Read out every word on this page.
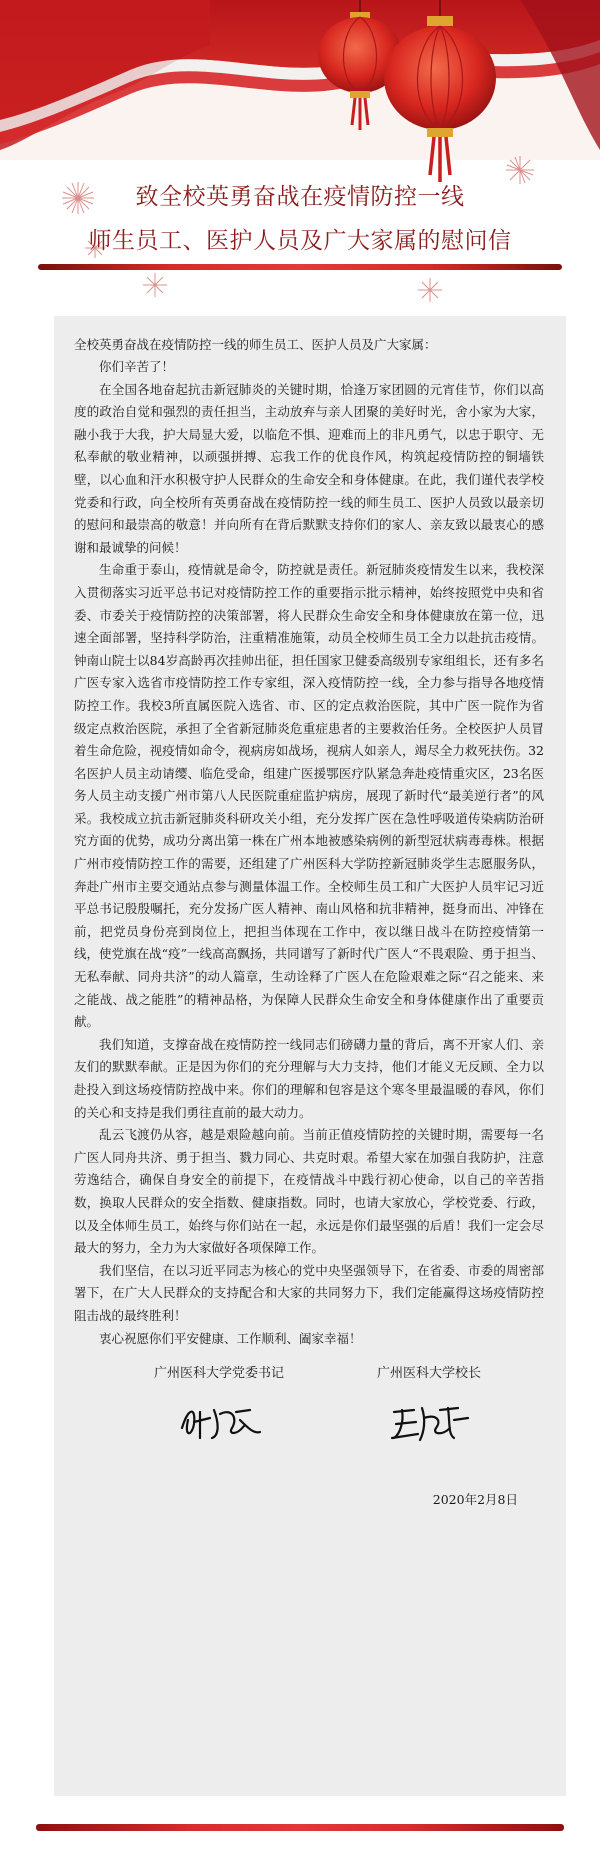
致全校英勇奋战在疫情防控一线
师生员工、医护人员及广大家属的慰问信

全校英勇奋战在疫情防控一线的师生员工、医护人员及广大家属：

你们辛苦了！

在全国各地奋起抗击新冠肺炎的关键时期，恰逢万家团圆的元宵佳节，你们以高度的政治自觉和强烈的责任担当，主动放弃与亲人团聚的美好时光，舍小家为大家，融小我于大我，护大局显大爱，以临危不惧、迎难而上的非凡勇气，以忠于职守、无私奉献的敬业精神，以顽强拼搏、忘我工作的优良作风，构筑起疫情防控的铜墙铁壁，以心血和汗水积极守护人民群众的生命安全和身体健康。在此，我们谨代表学校党委和行政，向全校所有英勇奋战在疫情防控一线的师生员工、医护人员致以最亲切的慰问和最崇高的敬意！并向所有在背后默默支持你们的家人、亲友致以最衷心的感谢和最诚挚的问候！

生命重于泰山，疫情就是命令，防控就是责任。新冠肺炎疫情发生以来，我校深入贯彻落实习近平总书记对疫情防控工作的重要指示批示精神，始终按照党中央和省委、市委关于疫情防控的决策部署，将人民群众生命安全和身体健康放在第一位，迅速全面部署，坚持科学防治，注重精准施策，动员全校师生员工全力以赴抗击疫情。钟南山院士以84岁高龄再次挂帅出征，担任国家卫健委高级别专家组组长，还有多名广医专家入选省市疫情防控工作专家组，深入疫情防控一线，全力参与指导各地疫情防控工作。我校3所直属医院入选省、市、区的定点救治医院，其中广医一院作为省级定点救治医院，承担了全省新冠肺炎危重症患者的主要救治任务。全校医护人员冒着生命危险，视疫情如命令，视病房如战场，视病人如亲人，竭尽全力救死扶伤。32名医护人员主动请缨、临危受命，组建广医援鄂医疗队紧急奔赴疫情重灾区，23名医务人员主动支援广州市第八人民医院重症监护病房，展现了新时代“最美逆行者”的风采。我校成立抗击新冠肺炎科研攻关小组，充分发挥广医在急性呼吸道传染病防治研究方面的优势，成功分离出第一株在广州本地被感染病例的新型冠状病毒毒株。根据广州市疫情防控工作的需要，还组建了广州医科大学防控新冠肺炎学生志愿服务队，奔赴广州市主要交通站点参与测量体温工作。全校师生员工和广大医护人员牢记习近平总书记殷殷嘱托，充分发扬广医人精神、南山风格和抗非精神，挺身而出、冲锋在前，把党员身份亮到岗位上，把担当体现在工作中，夜以继日战斗在防控疫情第一线，使党旗在战“疫”一线高高飘扬，共同谱写了新时代广医人“不畏艰险、勇于担当、无私奉献、同舟共济”的动人篇章，生动诠释了广医人在危险艰难之际“召之能来、来之能战、战之能胜”的精神品格，为保障人民群众生命安全和身体健康作出了重要贡献。

我们知道，支撑奋战在疫情防控一线同志们磅礴力量的背后，离不开家人们、亲友们的默默奉献。正是因为你们的充分理解与大力支持，他们才能义无反顾、全力以赴投入到这场疫情防控战中来。你们的理解和包容是这个寒冬里最温暖的春风，你们的关心和支持是我们勇往直前的最大动力。

乱云飞渡仍从容，越是艰险越向前。当前正值疫情防控的关键时期，需要每一名广医人同舟共济、勇于担当、戮力同心、共克时艰。希望大家在加强自我防护，注意劳逸结合，确保自身安全的前提下，在疫情战斗中践行初心使命，以自己的辛苦指数，换取人民群众的安全指数、健康指数。同时，也请大家放心，学校党委、行政，以及全体师生员工，始终与你们站在一起，永远是你们最坚强的后盾！我们一定会尽最大的努力，全力为大家做好各项保障工作。

我们坚信，在以习近平同志为核心的党中央坚强领导下，在省委、市委的周密部署下，在广大人民群众的支持配合和大家的共同努力下，我们定能赢得这场疫情防控阻击战的最终胜利！

衷心祝愿你们平安健康、工作顺利、阖家幸福！

广州医科大学党委书记	广州医科大学校长
2020年2月8日
